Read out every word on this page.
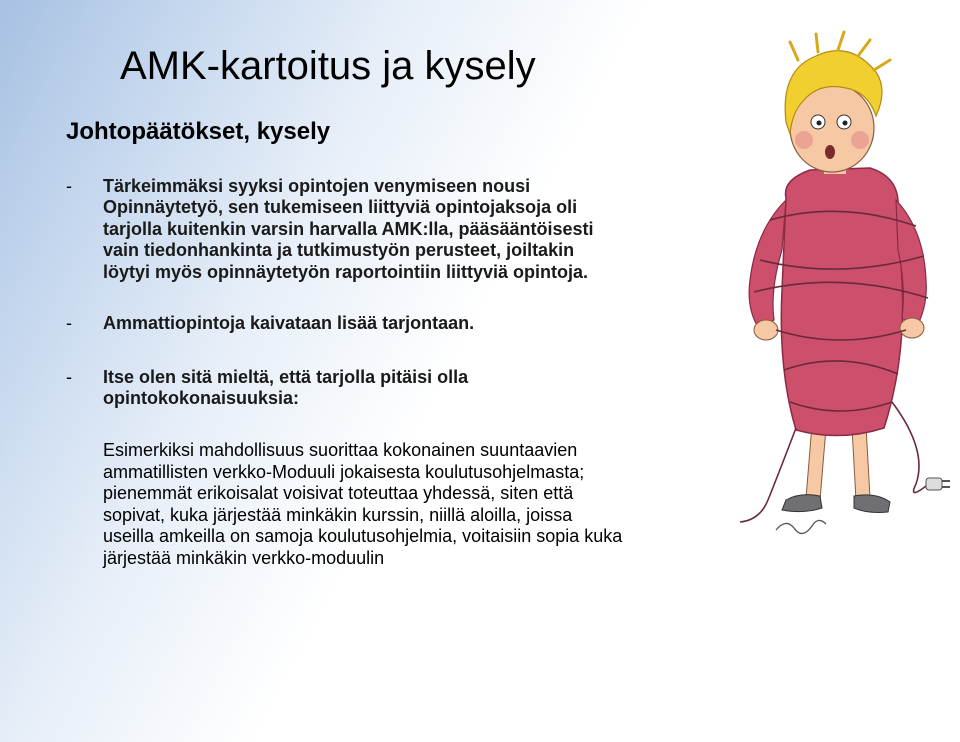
AMK-kartoitus ja kysely
Johtopäätökset, kysely
- Tärkeimmäksi syyksi opintojen venymiseen nousi
Opinnäytetyö, sen tukemiseen liittyviä opintojaksoja oli
tarjolla kuitenkin varsin harvalla AMK:lla, pääsääntöisesti
vain tiedonhankinta ja tutkimustyön perusteet, joiltakin
löytyi myös opinnäytetyön raportointiin liittyviä opintoja.
- Ammattiopintoja kaivataan lisää tarjontaan.
- Itse olen sitä mieltä, että tarjolla pitäisi olla
opintokokonaisuuksia:
Esimerkiksi mahdollisuus suorittaa kokonainen suuntaavien
ammatillisten verkko-Moduuli jokaisesta koulutusohjelmasta;
pienemmät erikoisalat voisivat toteuttaa yhdessä, siten että
sopivat, kuka järjestää minkäkin kurssin, niillä aloilla, joissa
useilla amkeilla on samoja koulutusohjelmia, voitaisiin sopia kuka
järjestää minkäkin verkko-moduulin
